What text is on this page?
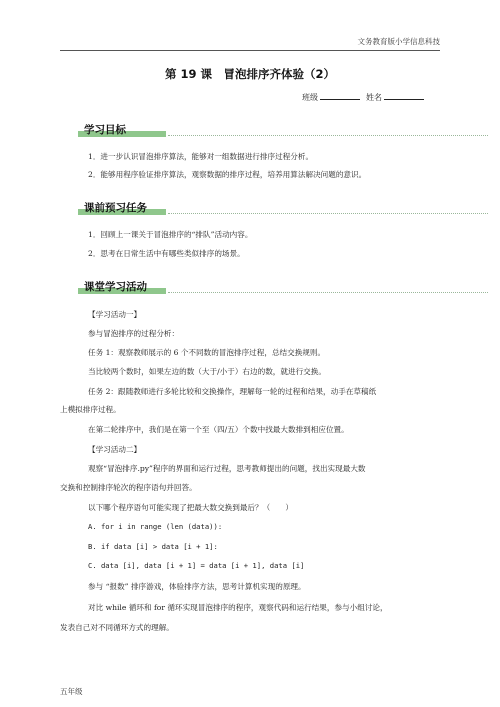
文务教育版小学信息科技
第 19 课　冒泡排序齐体验（2）
班级	姓名
学习目标
1．进一步认识冒泡排序算法，能够对一组数据进行排序过程分析。
2．能够用程序验证排序算法，观察数据的排序过程，培养用算法解决问题的意识。
课前预习任务
1．回顾上一课关于冒泡排序的“排队”活动内容。
2．思考在日常生活中有哪些类似排序的场景。
课堂学习活动
【学习活动一】
参与冒泡排序的过程分析：
任务 1：观察教师展示的 6 个不同数的冒泡排序过程，总结交换规则。
当比较两个数时，如果左边的数（大于/小于）右边的数，就进行交换。
任务 2：跟随教师进行多轮比较和交换操作，理解每一轮的过程和结果，动手在草稿纸
上模拟排序过程。
在第二轮排序中，我们是在第一个至（四/五）个数中找最大数排到相应位置。
【学习活动二】
观察“冒泡排序.py”程序的界面和运行过程，思考教师提出的问题，找出实现最大数
交换和控制排序轮次的程序语句并回答。
以下哪个程序语句可能实现了把最大数交换到最后？（　　）
A. for i in range (len (data)):
B. if data [i] > data [i + 1]:
C. data [i], data [i + 1] = data [i + 1], data [i]
参与 “报数” 排序游戏，体验排序方法，思考计算机实现的原理。
对比 while 循环和 for 循环实现冒泡排序的程序，观察代码和运行结果，参与小组讨论，
发表自己对不同循环方式的理解。
五年级
